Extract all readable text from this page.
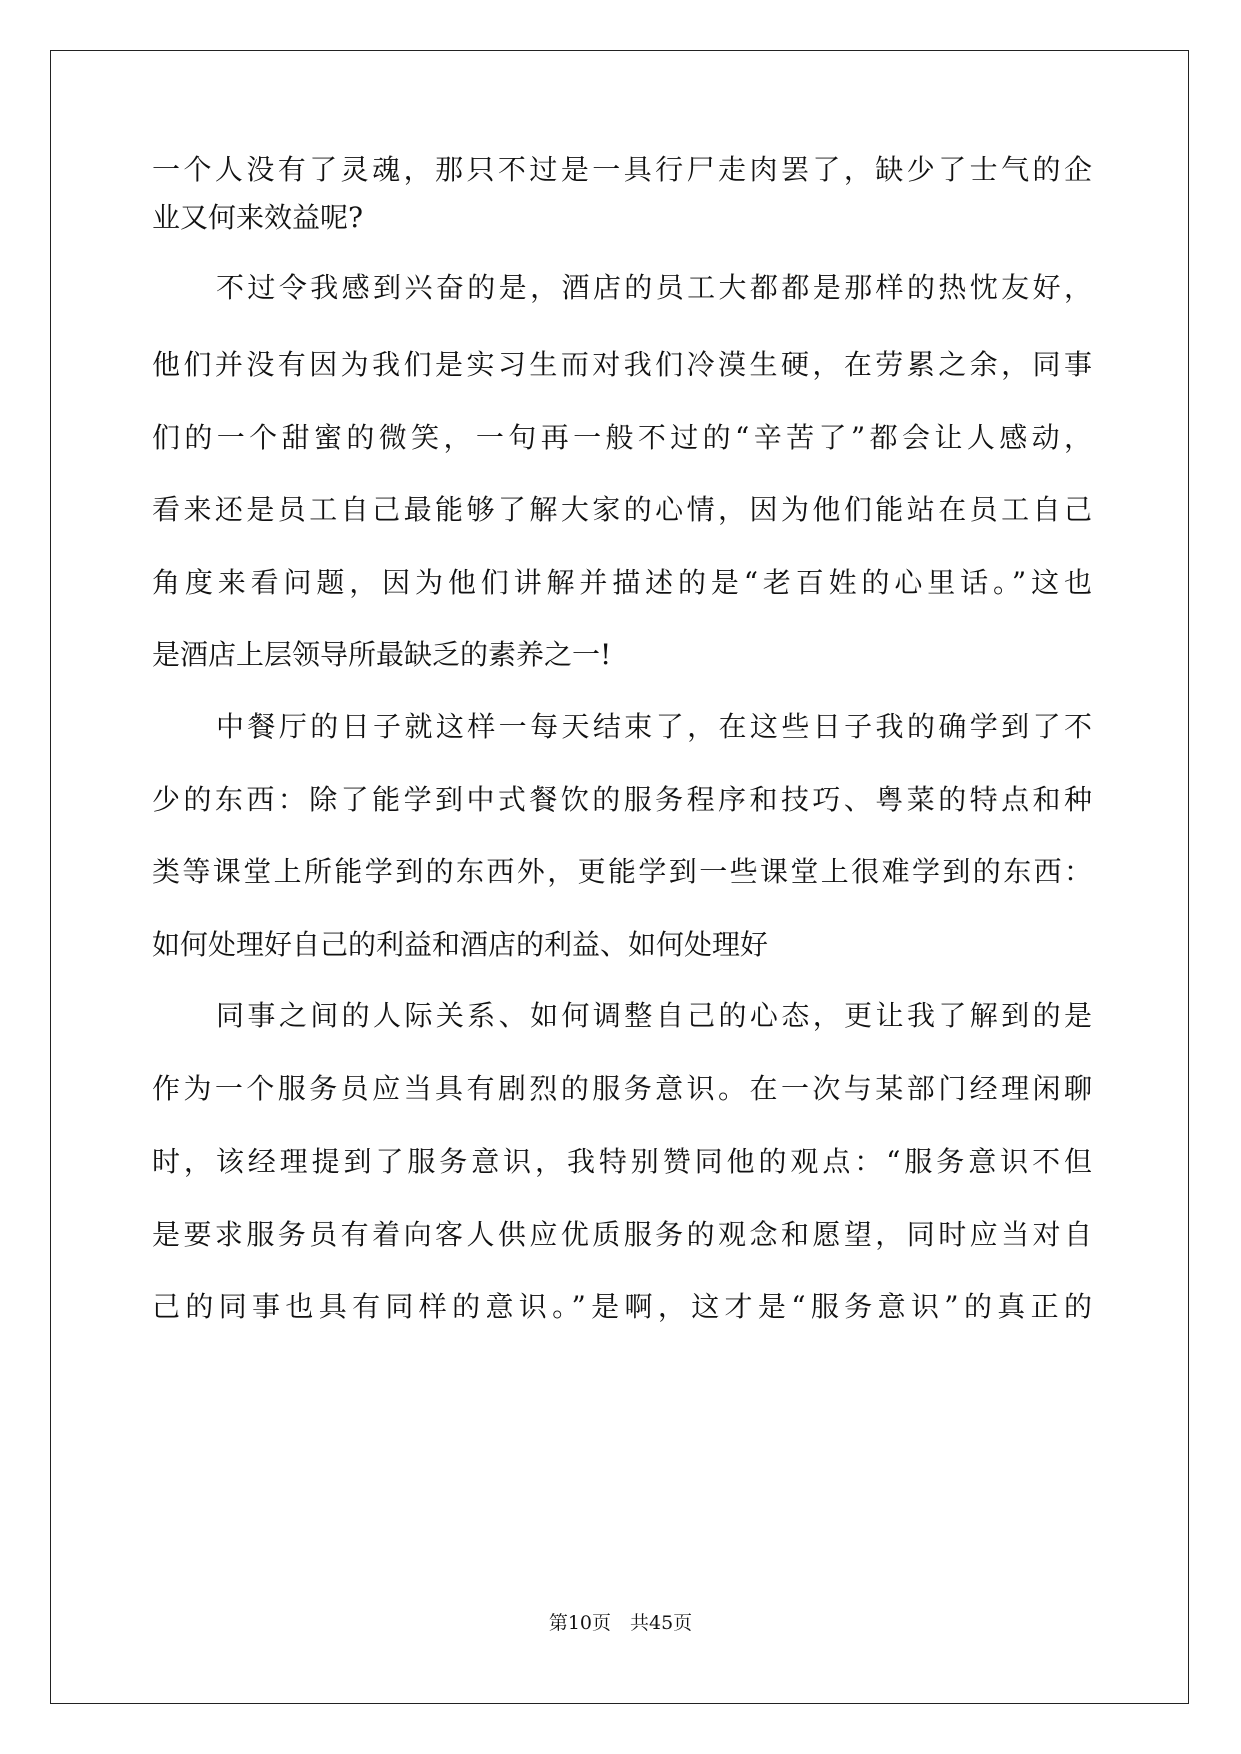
一个人没有了灵魂，那只不过是一具行尸走肉罢了，缺少了士气的企
业又何来效益呢?
不过令我感到兴奋的是，酒店的员工大都都是那样的热忱友好，
他们并没有因为我们是实习生而对我们冷漠生硬，在劳累之余，同事
们的一个甜蜜的微笑，一句再一般不过的“辛苦了”都会让人感动，
看来还是员工自己最能够了解大家的心情，因为他们能站在员工自己
角度来看问题，因为他们讲解并描述的是“老百姓的心里话。”这也
是酒店上层领导所最缺乏的素养之一!
中餐厅的日子就这样一每天结束了，在这些日子我的确学到了不
少的东西：除了能学到中式餐饮的服务程序和技巧、粤菜的特点和种
类等课堂上所能学到的东西外，更能学到一些课堂上很难学到的东西：
如何处理好自己的利益和酒店的利益、如何处理好
同事之间的人际关系、如何调整自己的心态，更让我了解到的是
作为一个服务员应当具有剧烈的服务意识。在一次与某部门经理闲聊
时，该经理提到了服务意识，我特别赞同他的观点：“服务意识不但
是要求服务员有着向客人供应优质服务的观念和愿望，同时应当对自
己的同事也具有同样的意识。”是啊，这才是“服务意识”的真正的
第10页　共45页
